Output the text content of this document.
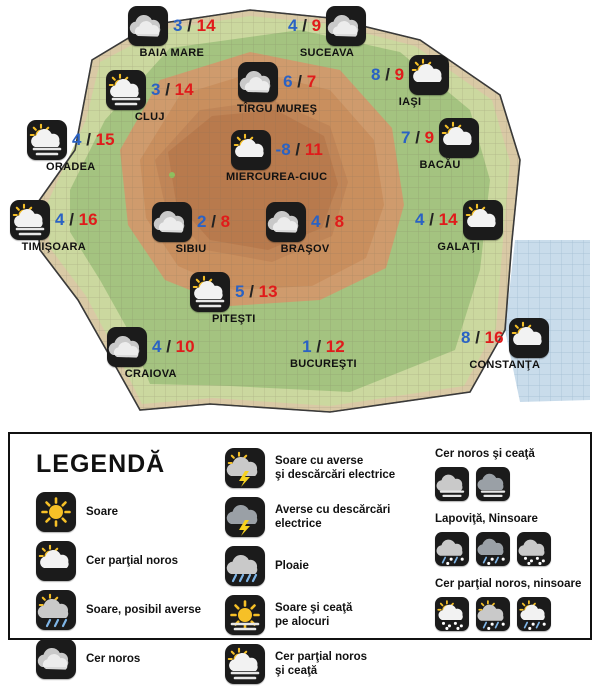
3 / 14
BAIA MARE
4 / 9
SUCEAVA
3 / 14
CLUJ
6 / 7
TÎRGU MUREŞ
8 / 9
IAŞI
4 / 15
ORADEA
-8 / 11
MIERCUREA-CIUC
7 / 9
BACĂU
4 / 16
TIMIŞOARA
2 / 8
SIBIU
4 / 8
BRAŞOV
4 / 14
GALAŢI
5 / 13
PITEŞTI
4 / 10
CRAIOVA
1 / 12
BUCUREŞTI
8 / 16
CONSTANŢA
LEGENDĂ
Soare
Cer parţial noros
Soare, posibil averse
Cer noros
Soare cu averse
şi descărcări electrice
Averse cu descărcări
electrice
Ploaie
Soare şi ceaţă
pe alocuri
Cer parţial noros
şi ceaţă
Cer noros şi ceaţă
Lapoviţă, Ninsoare
Cer parţial noros, ninsoare
